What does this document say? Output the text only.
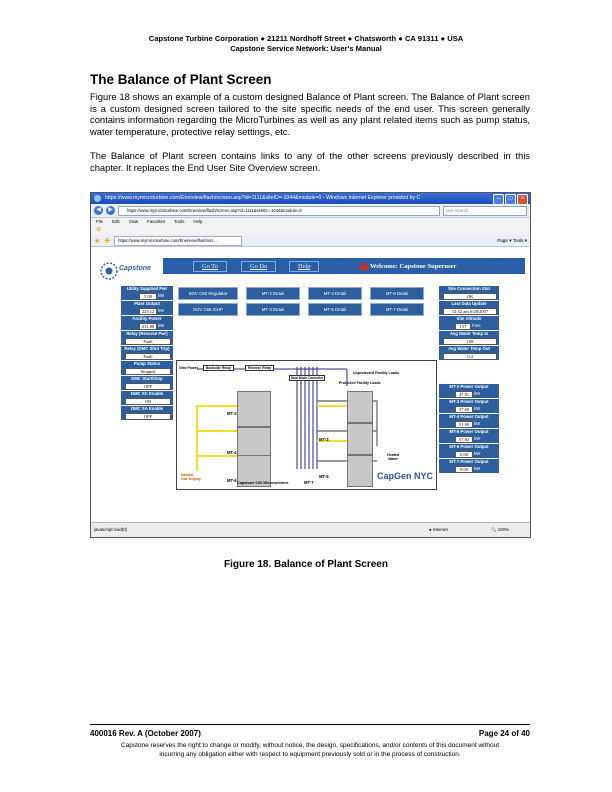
Capstone Turbine Corporation ● 21211 Nordhoff Street ● Chatsworth ● CA 91311 ● USA
Capstone Service Network: User's Manual
The Balance of Plant Screen

Figure 18 shows an example of a custom designed Balance of Plant screen. The Balance of Plant screen is a custom designed screen tailored to the site specific needs of the end user. This screen generally contains information regarding the MicroTurbines as well as any plant related items such as pump status, water temperature, protective relay settings, etc.

The Balance of Plant screen contains links to any of the other screens previously described in this chapter. It replaces the End User Site Overview screen.

https://www.mymicroturbine.com/Enerview/flash/screen.asp?id=1111&siteID=-1044&module=0 - Windows Internet Explorer provided by C	–	□	×
◀	▶	https://www.mymicroturbine.com/Enerview/flash/screen.asp?id=1111&siteID=-1044&module=0	Live Search
File Edit View Favorites Tools Help
⚙
★ ✚	https://www.mymicroturbine.com/Enerview/flash/scr...	Page ▾ Tools ▾
Capstone	Go To	Go Do	Help	Welcome: Capstone Superuser
Utility Supplied Pwr
5.00	kW
Plant Output
225.12 kW
Facility Power
231.88 kW
Relay (Reverse Pwr)
Fault
Relay (DMC Shnt Trip)
Fault
Pump Status
Stopped
DMC Start/Stop
OFF
DMC SC Enable
ON
DMC SA Enable
OFF
SOV C60 Regulator	MT-2 Detail	MT-4 Detail	MT-6 Detail
SOV C60 ICHP	MT-3 Detail	MT-5 Detail	MT-7 Detail
Site Connection Stat
OK
Last Data Update
12:52 am 6/28/2007
Site Altitude
157	Feet
Avg Water Temp In
108
Avg Water Temp Out
112
MT-2 Power Output
47.81	kW
MT-3 Power Output
57.69	kW
MT-4 Power Output
51.69	kW
MT-5 Power Output
57.82	kW
MT-6 Power Output
0.00	kW
MT-7 Power Output
0.00	kW
Grid Power	Backside Relay	Reverse Relay
Dual Mode Controller
Unprotected Facility Loads
Protected Facility Loads
MT-2
MT-3
MT-4
MT-5
MT-6
Heated Water
Natural Gas Supply
Capstone C60 Microturbines
CapGen NYC
MT-7
javascript:void(0)	● Internet	🔍 100%
Figure 18. Balance of Plant Screen
400016 Rev. A (October 2007)	Page 24 of 40
Capstone reserves the right to change or modify, without notice, the design, specifications, and/or contents of this document without incurring any obligation either with respect to equipment previously sold or in the process of construction.
